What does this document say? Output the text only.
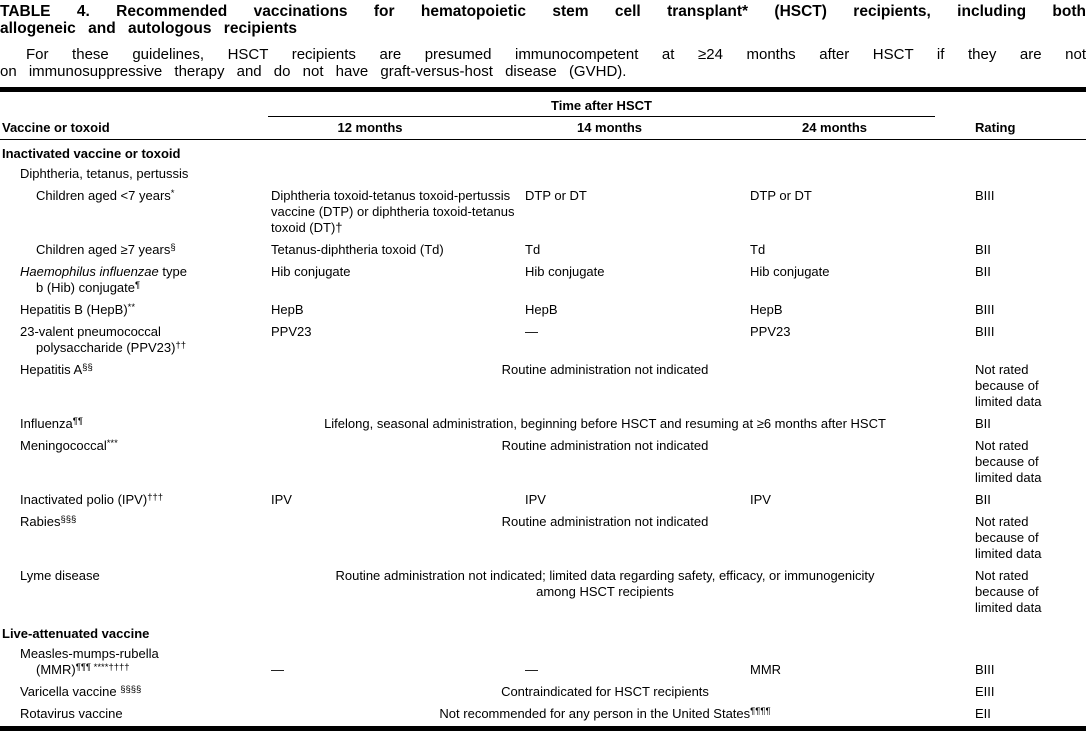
TABLE 4. Recommended vaccinations for hematopoietic stem cell transplant* (HSCT) recipients, including both
allogeneic and autologous recipients
For these guidelines, HSCT recipients are presumed immunocompetent at ≥24 months after HSCT if they are not
on immunosuppressive therapy and do not have graft-versus-host disease (GVHD).

	Time after HSCT			

Vaccine or toxoid	12 months	14 months	24 months	Rating
Inactivated vaccine or toxoid				

Diphtheria, tetanus, pertussis				

Children aged <7 years*	Diphtheria toxoid-tetanus toxoid-pertussis vaccine (DTP) or diphtheria toxoid-tetanus toxoid (DT)†	DTP or DT	DTP or DT	BIII

Children aged ≥7 years§	Tetanus-diphtheria toxoid (Td)	Td	Td	BII

Haemophilus influenzae type
b (Hib) conjugate¶	Hib conjugate	Hib conjugate	Hib conjugate	BII

Hepatitis B (HepB)**	HepB	HepB	HepB	BIII

23-valent pneumococcal
polysaccharide (PPV23)††	PPV23	—	PPV23	BIII

Hepatitis A§§	Routine administration not indicated			Not rated because of limited data

Influenza¶¶	Lifelong, seasonal administration, beginning before HSCT and resuming at ≥6 months after HSCT			BII

Meningococcal***	Routine administration not indicated			Not rated because of limited data

Inactivated polio (IPV)†††	IPV	IPV	IPV	BII

Rabies§§§	Routine administration not indicated			Not rated because of limited data

Lyme disease	Routine administration not indicated; limited data regarding safety, efficacy, or immunogenicity among HSCT recipients			Not rated because of limited data
Live-attenuated vaccine				

Measles-mumps-rubella
(MMR)¶¶¶ ****††††	—	—	MMR	BIII

Varicella vaccine §§§§	Contraindicated for HSCT recipients			EIII

Rotavirus vaccine	Not recommended for any person in the United States¶¶¶¶			EII
